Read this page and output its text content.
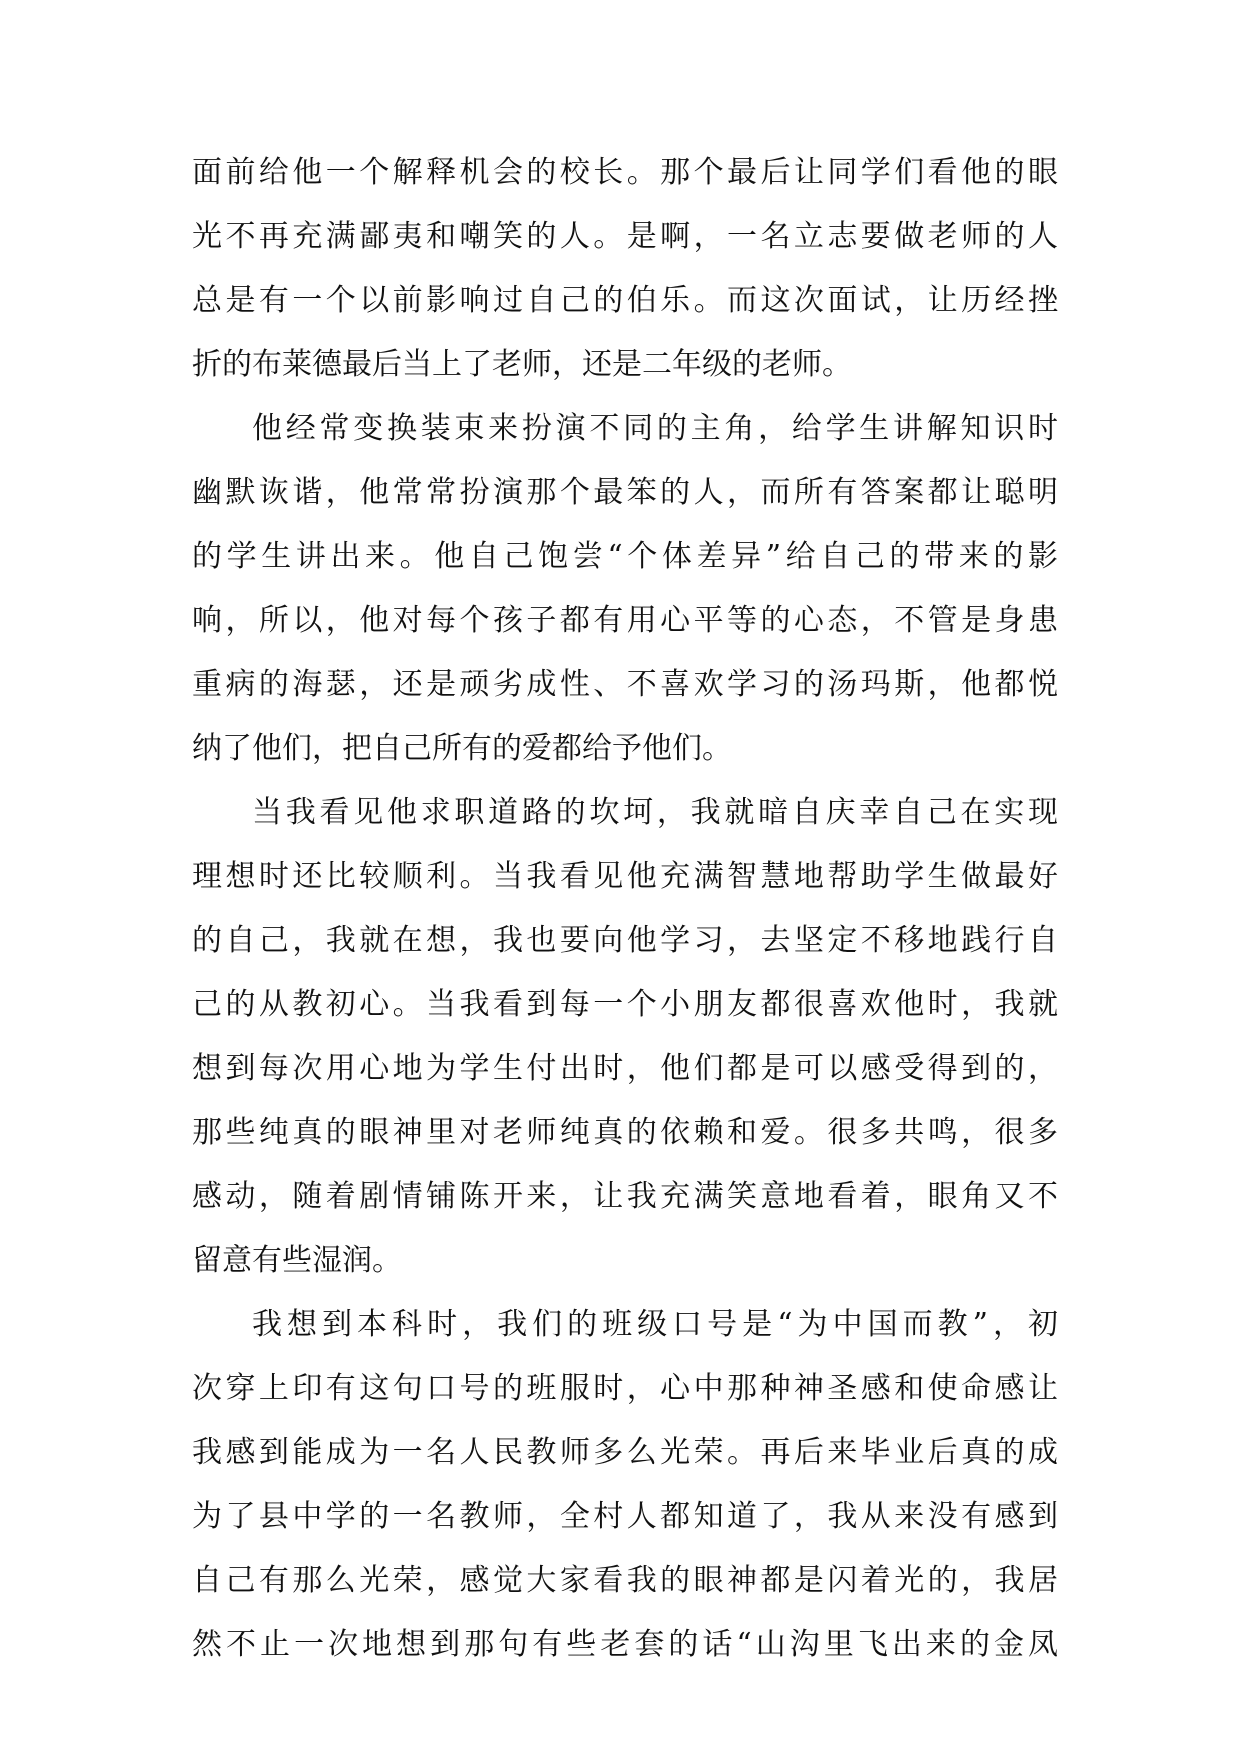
面前给他一个解释机会的校长。那个最后让同学们看他的眼
光不再充满鄙夷和嘲笑的人。是啊，一名立志要做老师的人
总是有一个以前影响过自己的伯乐。而这次面试，让历经挫
折的布莱德最后当上了老师，还是二年级的老师。
他经常变换装束来扮演不同的主角，给学生讲解知识时
幽默诙谐，他常常扮演那个最笨的人，而所有答案都让聪明
的学生讲出来。他自己饱尝“个体差异”给自己的带来的影
响，所以，他对每个孩子都有用心平等的心态，不管是身患
重病的海瑟，还是顽劣成性、不喜欢学习的汤玛斯，他都悦
纳了他们，把自己所有的爱都给予他们。
当我看见他求职道路的坎坷，我就暗自庆幸自己在实现
理想时还比较顺利。当我看见他充满智慧地帮助学生做最好
的自己，我就在想，我也要向他学习，去坚定不移地践行自
己的从教初心。当我看到每一个小朋友都很喜欢他时，我就
想到每次用心地为学生付出时，他们都是可以感受得到的，
那些纯真的眼神里对老师纯真的依赖和爱。很多共鸣，很多
感动，随着剧情铺陈开来，让我充满笑意地看着，眼角又不
留意有些湿润。
我想到本科时，我们的班级口号是“为中国而教”，初
次穿上印有这句口号的班服时，心中那种神圣感和使命感让
我感到能成为一名人民教师多么光荣。再后来毕业后真的成
为了县中学的一名教师，全村人都知道了，我从来没有感到
自己有那么光荣，感觉大家看我的眼神都是闪着光的，我居
然不止一次地想到那句有些老套的话“山沟里飞出来的金凤
